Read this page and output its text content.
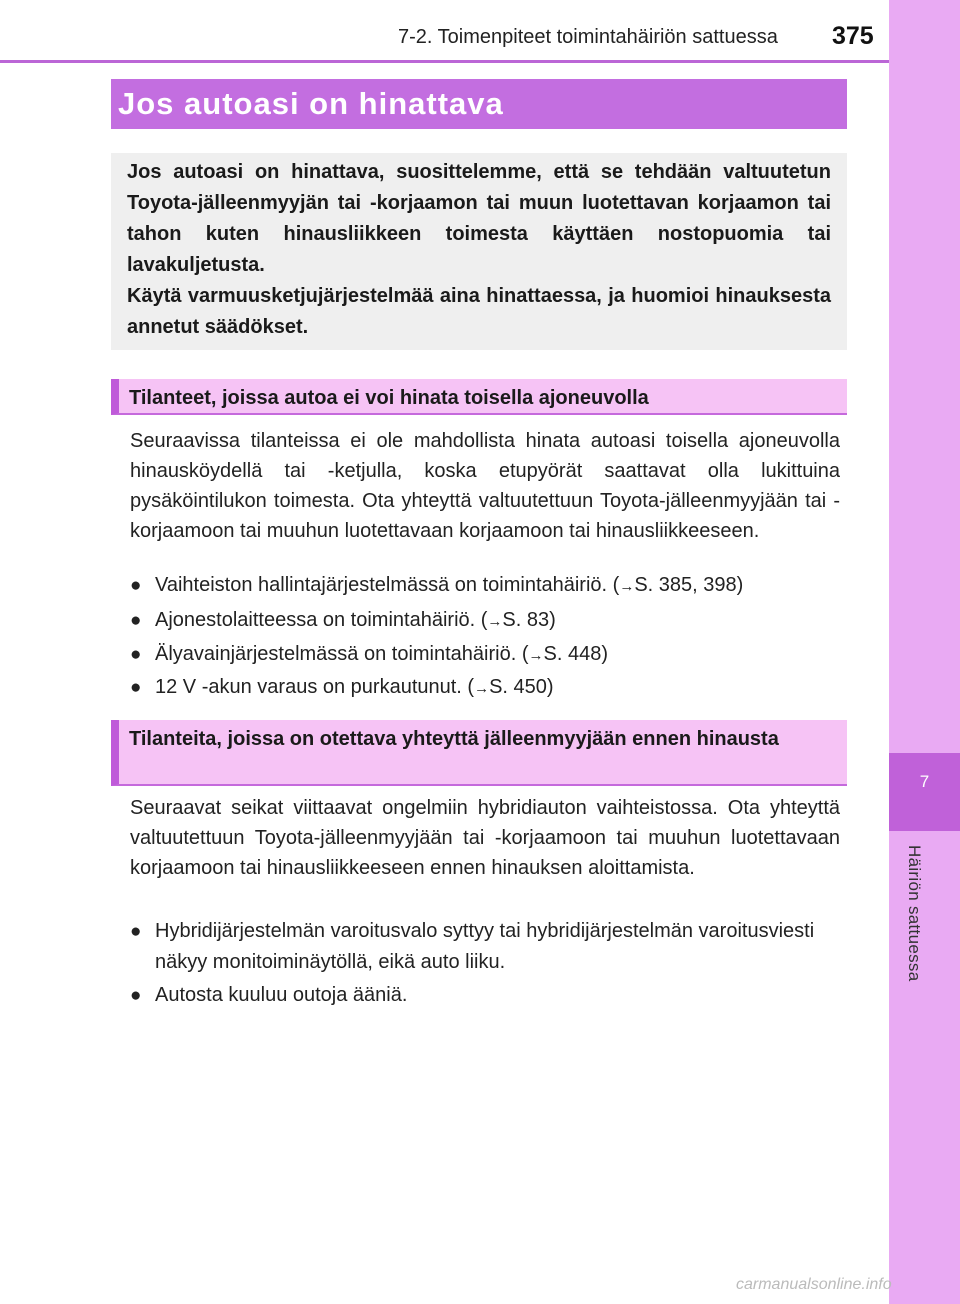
7
Häiriön sattuessa
7-2. Toimenpiteet toimintahäiriön sattuessa 375
Jos autoasi on hinattava

Jos autoasi on hinattava, suosittelemme, että se tehdään valtuutetun Toyota-jälleenmyyjän tai -korjaamon tai muun luotettavan korjaamon tai tahon kuten hinausliikkeen toimesta käyttäen nostopuomia tai lavakuljetusta.

Käytä varmuusketjujärjestelmää aina hinattaessa, ja huomioi hinauksesta annetut säädökset.

Tilanteet, joissa autoa ei voi hinata toisella ajoneuvolla
Seuraavissa tilanteissa ei ole mahdollista hinata autoasi toisella ajoneuvolla hinausköydellä tai -ketjulla, koska etupyörät saattavat olla lukittuina pysäköintilukon toimesta. Ota yhteyttä valtuutettuun Toyota-jälleenmyyjään tai -korjaamoon tai muuhun luotettavaan korjaamoon tai hinausliikkeeseen.
● Vaihteiston hallintajärjestelmässä on toimintahäiriö. (→S. 385, 398)
● Ajonestolaitteessa on toimintahäiriö. (→S. 83)
● Älyavainjärjestelmässä on toimintahäiriö. (→S. 448)
● 12 V -akun varaus on purkautunut. (→S. 450)
Tilanteita, joissa on otettava yhteyttä jälleenmyyjään ennen hinausta
Seuraavat seikat viittaavat ongelmiin hybridiauton vaihteistossa. Ota yhteyttä valtuutettuun Toyota-jälleenmyyjään tai -korjaamoon tai muuhun luotettavaan korjaamoon tai hinausliikkeeseen ennen hinauksen aloittamista.
● Hybridijärjestelmän varoitusvalo syttyy tai hybridijärjestelmän varoitusviesti näkyy monitoiminäytöllä, eikä auto liiku.
● Autosta kuuluu outoja ääniä.
carmanualsonline.info
